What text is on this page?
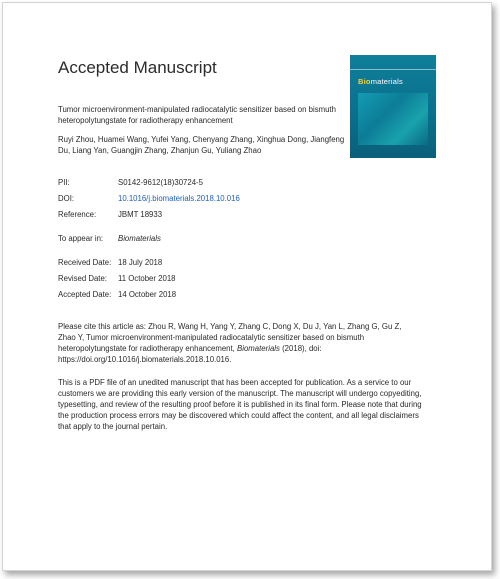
Accepted Manuscript
Biomaterials
Tumor microenvironment-manipulated radiocatalytic sensitizer based on bismuth heteropolytungstate for radiotherapy enhancement
Ruyi Zhou, Huamei Wang, Yufei Yang, Chenyang Zhang, Xinghua Dong, Jiangfeng Du, Liang Yan, Guangjin Zhang, Zhanjun Gu, Yuliang Zhao
PII:	S0142-9612(18)30724-5
DOI:	10.1016/j.biomaterials.2018.10.016
Reference:	JBMT 18933
To appear in: Biomaterials
Received Date: 18 July 2018
Revised Date: 11 October 2018
Accepted Date: 14 October 2018
Please cite this article as: Zhou R, Wang H, Yang Y, Zhang C, Dong X, Du J, Yan L, Zhang G, Gu Z, Zhao Y, Tumor microenvironment-manipulated radiocatalytic sensitizer based on bismuth heteropolytungstate for radiotherapy enhancement, Biomaterials (2018), doi: https://doi.org/10.1016/j.biomaterials.2018.10.016.
This is a PDF file of an unedited manuscript that has been accepted for publication. As a service to our customers we are providing this early version of the manuscript. The manuscript will undergo copyediting, typesetting, and review of the resulting proof before it is published in its final form. Please note that during the production process errors may be discovered which could affect the content, and all legal disclaimers that apply to the journal pertain.
